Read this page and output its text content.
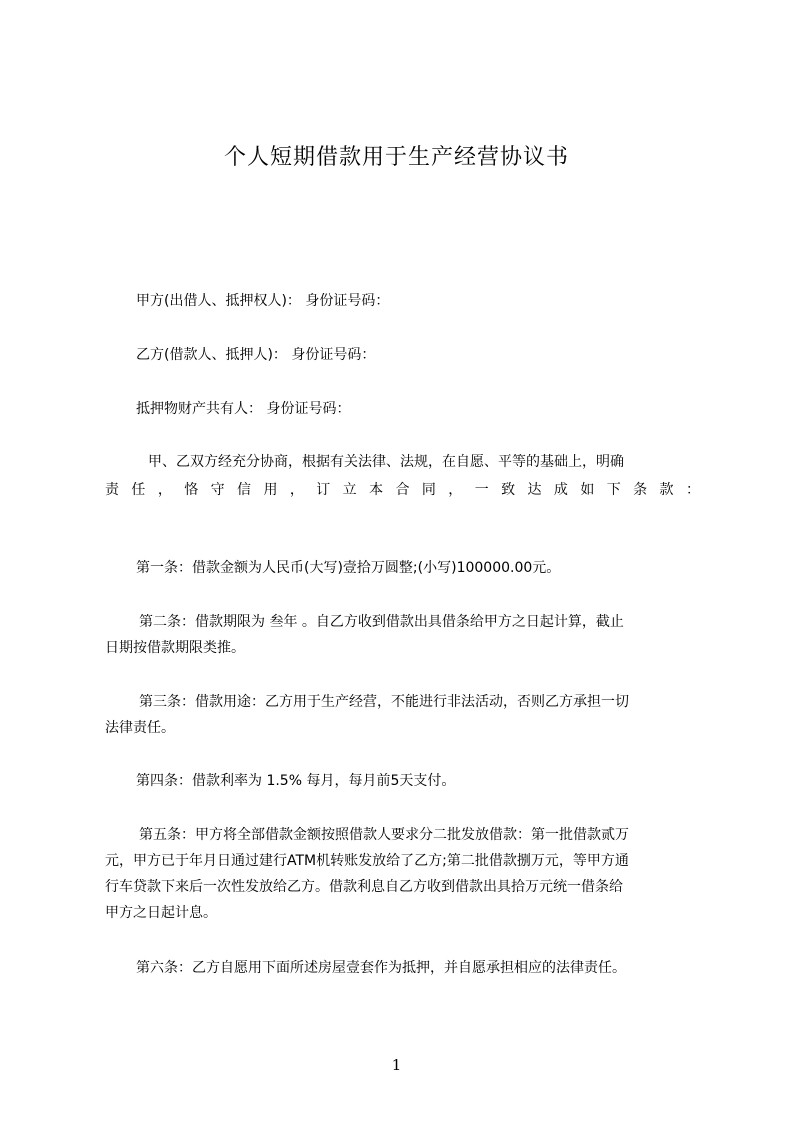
个人短期借款用于生产经营协议书
甲方(出借人、抵押权人)： 身份证号码：
乙方(借款人、抵押人)： 身份证号码：
抵押物财产共有人： 身份证号码：
甲、乙双方经充分协商，根据有关法律、法规，在自愿、平等的基础上，明确
责 任 ， 恪 守 信 用 ， 订 立 本 合 同 ， 一 致 达 成 如 下 条 款 ：
第一条：借款金额为人民币(大写)壹拾万圆整;(小写)100000.00元。
第二条：借款期限为 叁年 。自乙方收到借款出具借条给甲方之日起计算，截止
日期按借款期限类推。
第三条：借款用途：乙方用于生产经营，不能进行非法活动，否则乙方承担一切
法律责任。
第四条：借款利率为 1.5% 每月，每月前5天支付。
第五条：甲方将全部借款金额按照借款人要求分二批发放借款：第一批借款贰万
元，甲方已于年月日通过建行ATM机转账发放给了乙方;第二批借款捌万元，等甲方通
行车贷款下来后一次性发放给乙方。借款利息自乙方收到借款出具拾万元统一借条给
甲方之日起计息。
第六条：乙方自愿用下面所述房屋壹套作为抵押，并自愿承担相应的法律责任。
1
